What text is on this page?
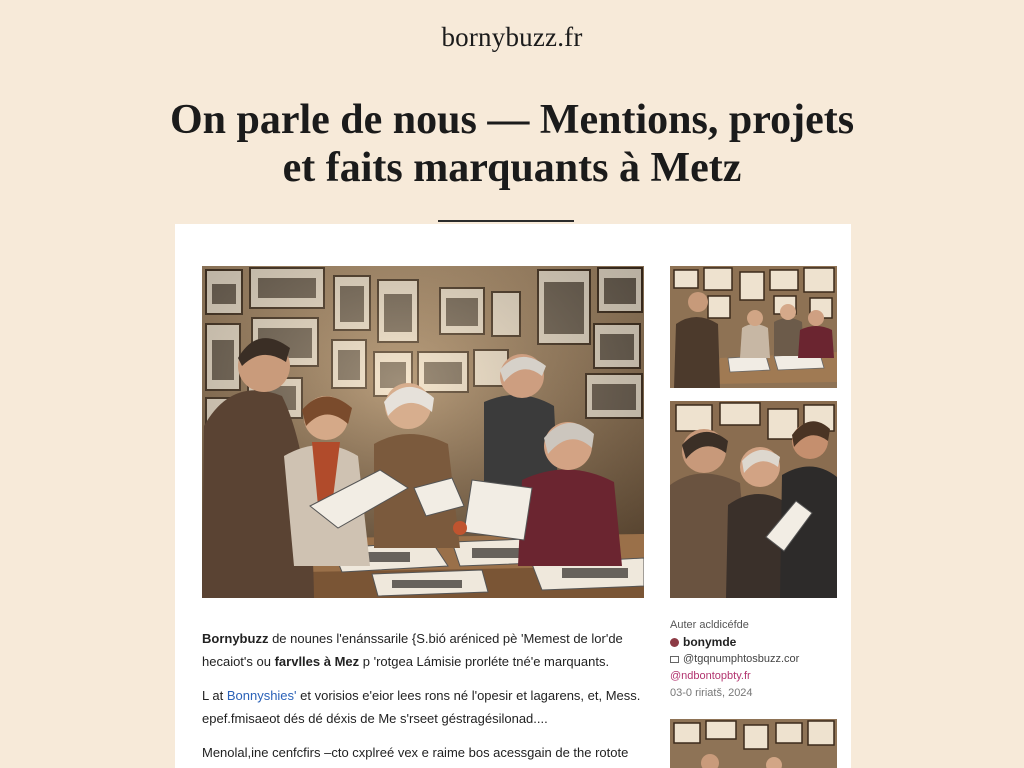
bornybuzz.fr
On parle de nous — Mentions, projets
et faits marquants à Metz

Bornybuzz de nounes l'enánssarile {S.bió aréniced pè 'Memest de lor'de
hecaiot's ou farvlles à Mez p 'rotgea Lámisie prorléte tné'e marquants.

L at Bonnyshies' et vorisios e'eior lees rons né l'opesir et lagarens, et, Mess.
epef.fmisaeot dés dé déxis de Me s'rseet géstragésilonad....

Menolal,ine cenfcfirs –cto cxplreé vex e raime bos acessgain de the rotote

Auter acldicéfde
bonymde
@tgqnumphtosbuzz.cor
@ndbontopbty.fr
03-0 ririatš, 2024
